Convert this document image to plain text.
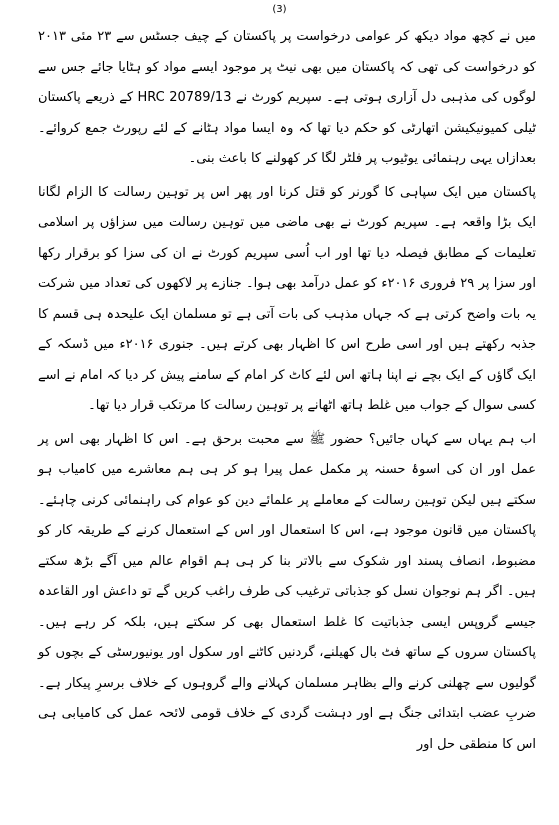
(3)

میں نے کچھ مواد دیکھ کر عوامی درخواست پر پاکستان کے چیف جسٹس سے ۲۳ مئی ۲۰۱۳ کو درخواست کی تھی کہ پاکستان میں بھی نیٹ پر موجود ایسے مواد کو ہٹایا جائے جس سے لوگوں کی مذہبی دل آزاری ہوتی ہے۔ سپریم کورٹ نے HRC 20789/13 کے ذریعے پاکستان ٹیلی کمیونیکیشن اتھارٹی کو حکم دیا تھا کہ وہ ایسا مواد ہٹانے کے لئے رپورٹ جمع کروائے۔ بعدازاں یہی رہنمائی یوٹیوب پر فلٹر لگا کر کھولنے کا باعث بنی۔

پاکستان میں ایک سپاہی کا گورنر کو قتل کرنا اور پھر اس پر توہین رسالت کا الزام لگانا ایک بڑا واقعہ ہے۔ سپریم کورٹ نے بھی ماضی میں توہین رسالت میں سزاؤں پر اسلامی تعلیمات کے مطابق فیصلہ دیا تھا اور اب اُسی سپریم کورٹ نے ان کی سزا کو برقرار رکھا اور سزا پر ۲۹ فروری ۲۰۱۶ء کو عمل درآمد بھی ہوا۔ جنازے پر لاکھوں کی تعداد میں شرکت یہ بات واضح کرتی ہے کہ جہاں مذہب کی بات آتی ہے تو مسلمان ایک علیحدہ ہی قسم کا جذبہ رکھتے ہیں اور اسی طرح اس کا اظہار بھی کرتے ہیں۔ جنوری ۲۰۱۶ء میں ڈسکہ کے ایک گاؤں کے ایک بچے نے اپنا ہاتھ اس لئے کاٹ کر امام کے سامنے پیش کر دیا کہ امام نے اسے کسی سوال کے جواب میں غلط ہاتھ اٹھانے پر توہین رسالت کا مرتکب قرار دیا تھا۔

اب ہم یہاں سے کہاں جائیں؟ حضور ﷺ سے محبت برحق ہے۔ اس کا اظہار بھی اس پر عمل اور ان کی اسوۂ حسنہ پر مکمل عمل پیرا ہو کر ہی ہم معاشرے میں کامیاب ہو سکتے ہیں لیکن توہین رسالت کے معاملے پر علمائے دین کو عوام کی راہنمائی کرنی چاہئے۔ پاکستان میں قانون موجود ہے، اس کا استعمال اور اس کے استعمال کرنے کے طریقہ کار کو مضبوط، انصاف پسند اور شکوک سے بالاتر بنا کر ہی ہم اقوام عالم میں آگے بڑھ سکتے ہیں۔ اگر ہم نوجوان نسل کو جذباتی ترغیب کی طرف راغب کریں گے تو داعش اور القاعدہ جیسے گروپس ایسی جذباتیت کا غلط استعمال بھی کر سکتے ہیں، بلکہ کر رہے ہیں۔ پاکستان سروں کے ساتھ فٹ بال کھیلنے، گردنیں کاٹنے اور سکول اور یونیورسٹی کے بچوں کو گولیوں سے چھلنی کرنے والے بظاہر مسلمان کہلانے والے گروہوں کے خلاف برسرِ پیکار ہے۔ ضربِ عضب ابتدائی جنگ ہے اور دہشت گردی کے خلاف قومی لائحہ عمل کی کامیابی ہی اس کا منطقی حل اور
